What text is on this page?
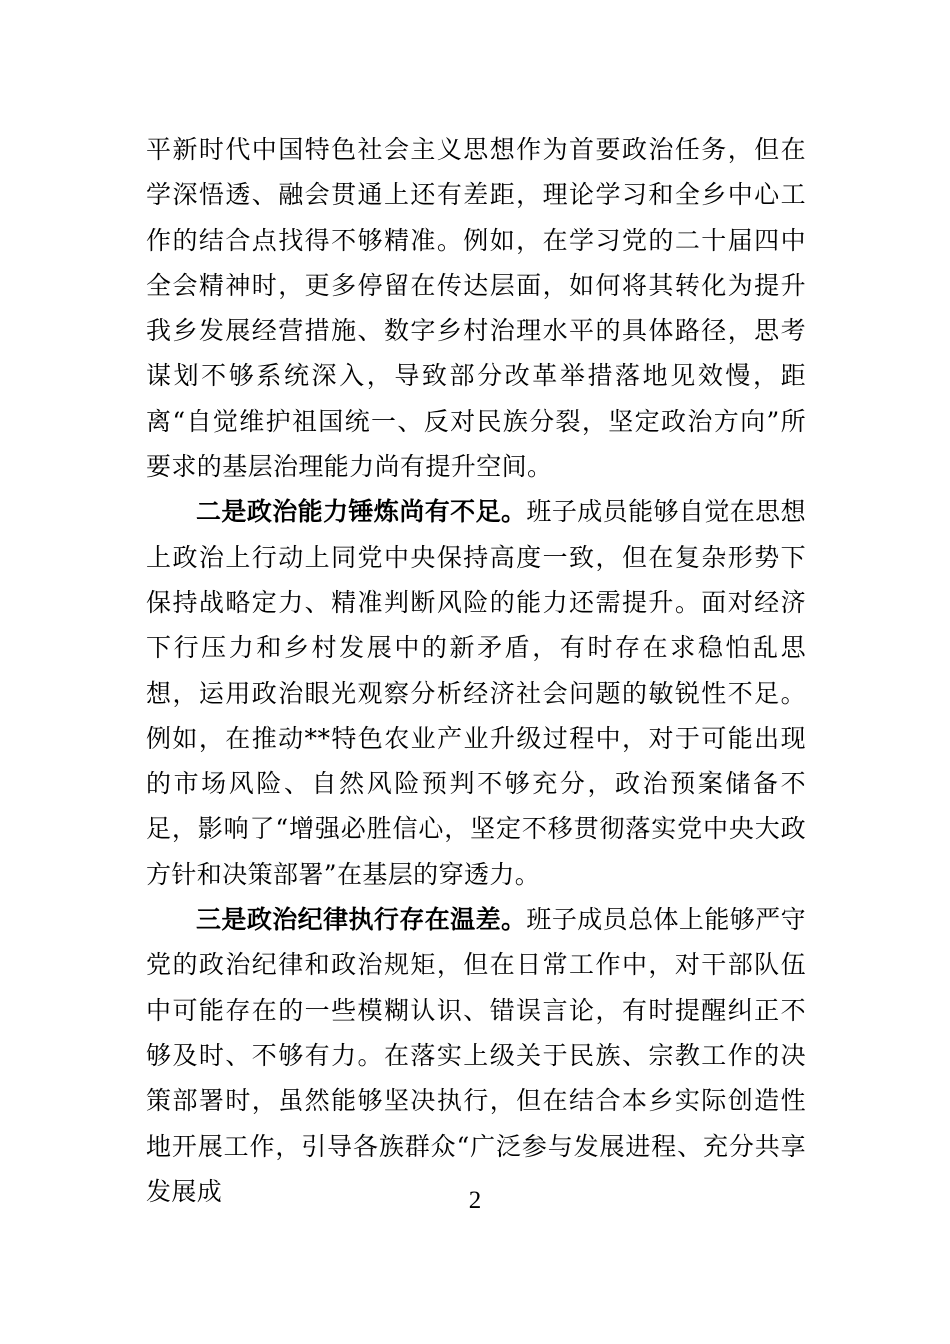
平新时代中国特色社会主义思想作为首要政治任务，但在学深悟透、融会贯通上还有差距，理论学习和全乡中心工作的结合点找得不够精准。例如，在学习党的二十届四中全会精神时，更多停留在传达层面，如何将其转化为提升我乡发展经营措施、数字乡村治理水平的具体路径，思考谋划不够系统深入，导致部分改革举措落地见效慢，距离“自觉维护祖国统一、反对民族分裂，坚定政治方向”所要求的基层治理能力尚有提升空间。

二是政治能力锤炼尚有不足。班子成员能够自觉在思想上政治上行动上同党中央保持高度一致，但在复杂形势下保持战略定力、精准判断风险的能力还需提升。面对经济下行压力和乡村发展中的新矛盾，有时存在求稳怕乱思想，运用政治眼光观察分析经济社会问题的敏锐性不足。例如，在推动**特色农业产业升级过程中，对于可能出现的市场风险、自然风险预判不够充分，政治预案储备不足，影响了“增强必胜信心，坚定不移贯彻落实党中央大政方针和决策部署”在基层的穿透力。

三是政治纪律执行存在温差。班子成员总体上能够严守党的政治纪律和政治规矩，但在日常工作中，对干部队伍中可能存在的一些模糊认识、错误言论，有时提醒纠正不够及时、不够有力。在落实上级关于民族、宗教工作的决策部署时，虽然能够坚决执行，但在结合本乡实际创造性地开展工作，引导各族群众“广泛参与发展进程、充分共享发展成	2
